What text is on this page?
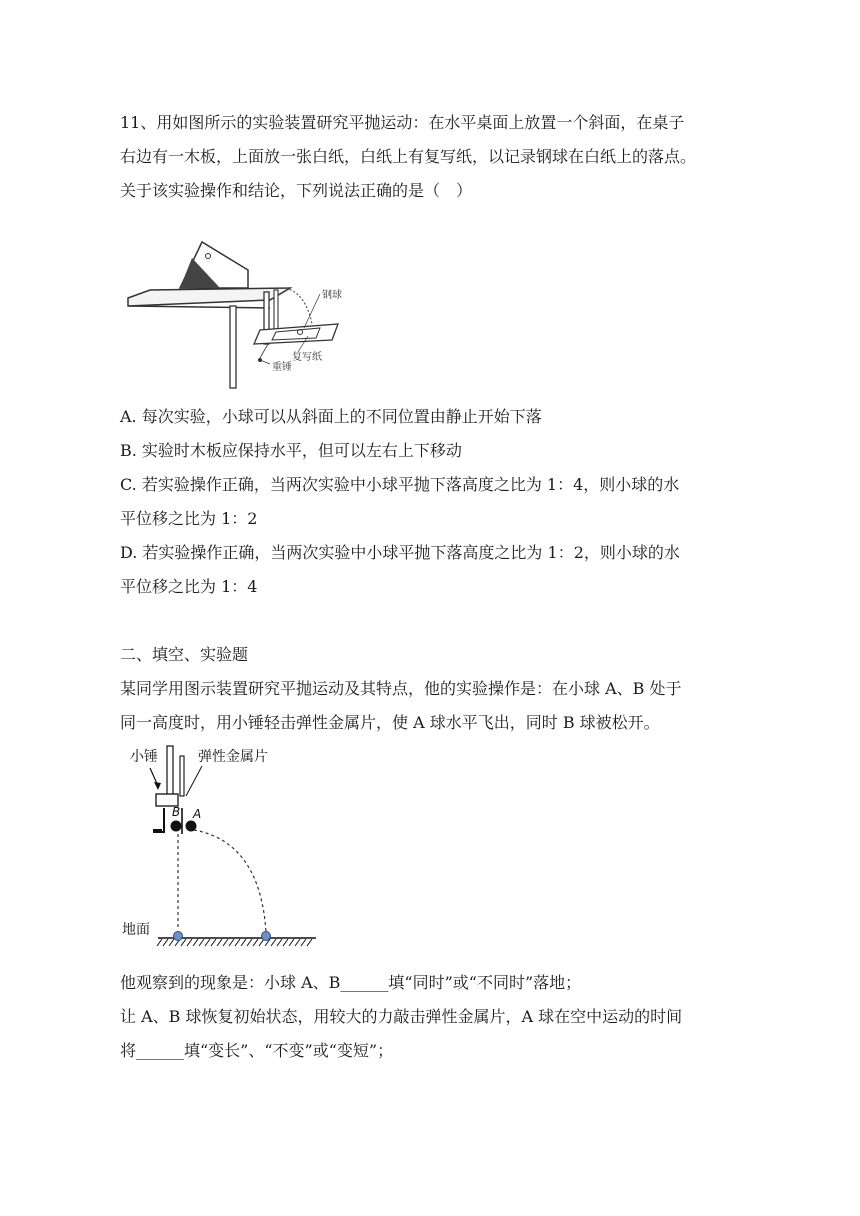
11、用如图所示的实验装置研究平抛运动：在水平桌面上放置一个斜面，在桌子
右边有一木板，上面放一张白纸，白纸上有复写纸，以记录钢球在白纸上的落点。
关于该实验操作和结论，下列说法正确的是（　）
钢球
复写纸
重锤
A. 每次实验，小球可以从斜面上的不同位置由静止开始下落
B. 实验时木板应保持水平，但可以左右上下移动
C. 若实验操作正确，当两次实验中小球平抛下落高度之比为 1：4，则小球的水
平位移之比为 1：2
D. 若实验操作正确，当两次实验中小球平抛下落高度之比为 1：2，则小球的水
平位移之比为 1：4
二、填空、实验题
某同学用图示装置研究平抛运动及其特点，他的实验操作是：在小球 A、B 处于
同一高度时，用小锤轻击弹性金属片，使 A 球水平飞出，同时 B 球被松开。
小锤	弹性金属片
B A
地面
他观察到的现象是：小球 A、B______填“同时”或“不同时”落地；
让 A、B 球恢复初始状态，用较大的力敲击弹性金属片，A 球在空中运动的时间
将______填“变长”、“不变”或“变短”；
